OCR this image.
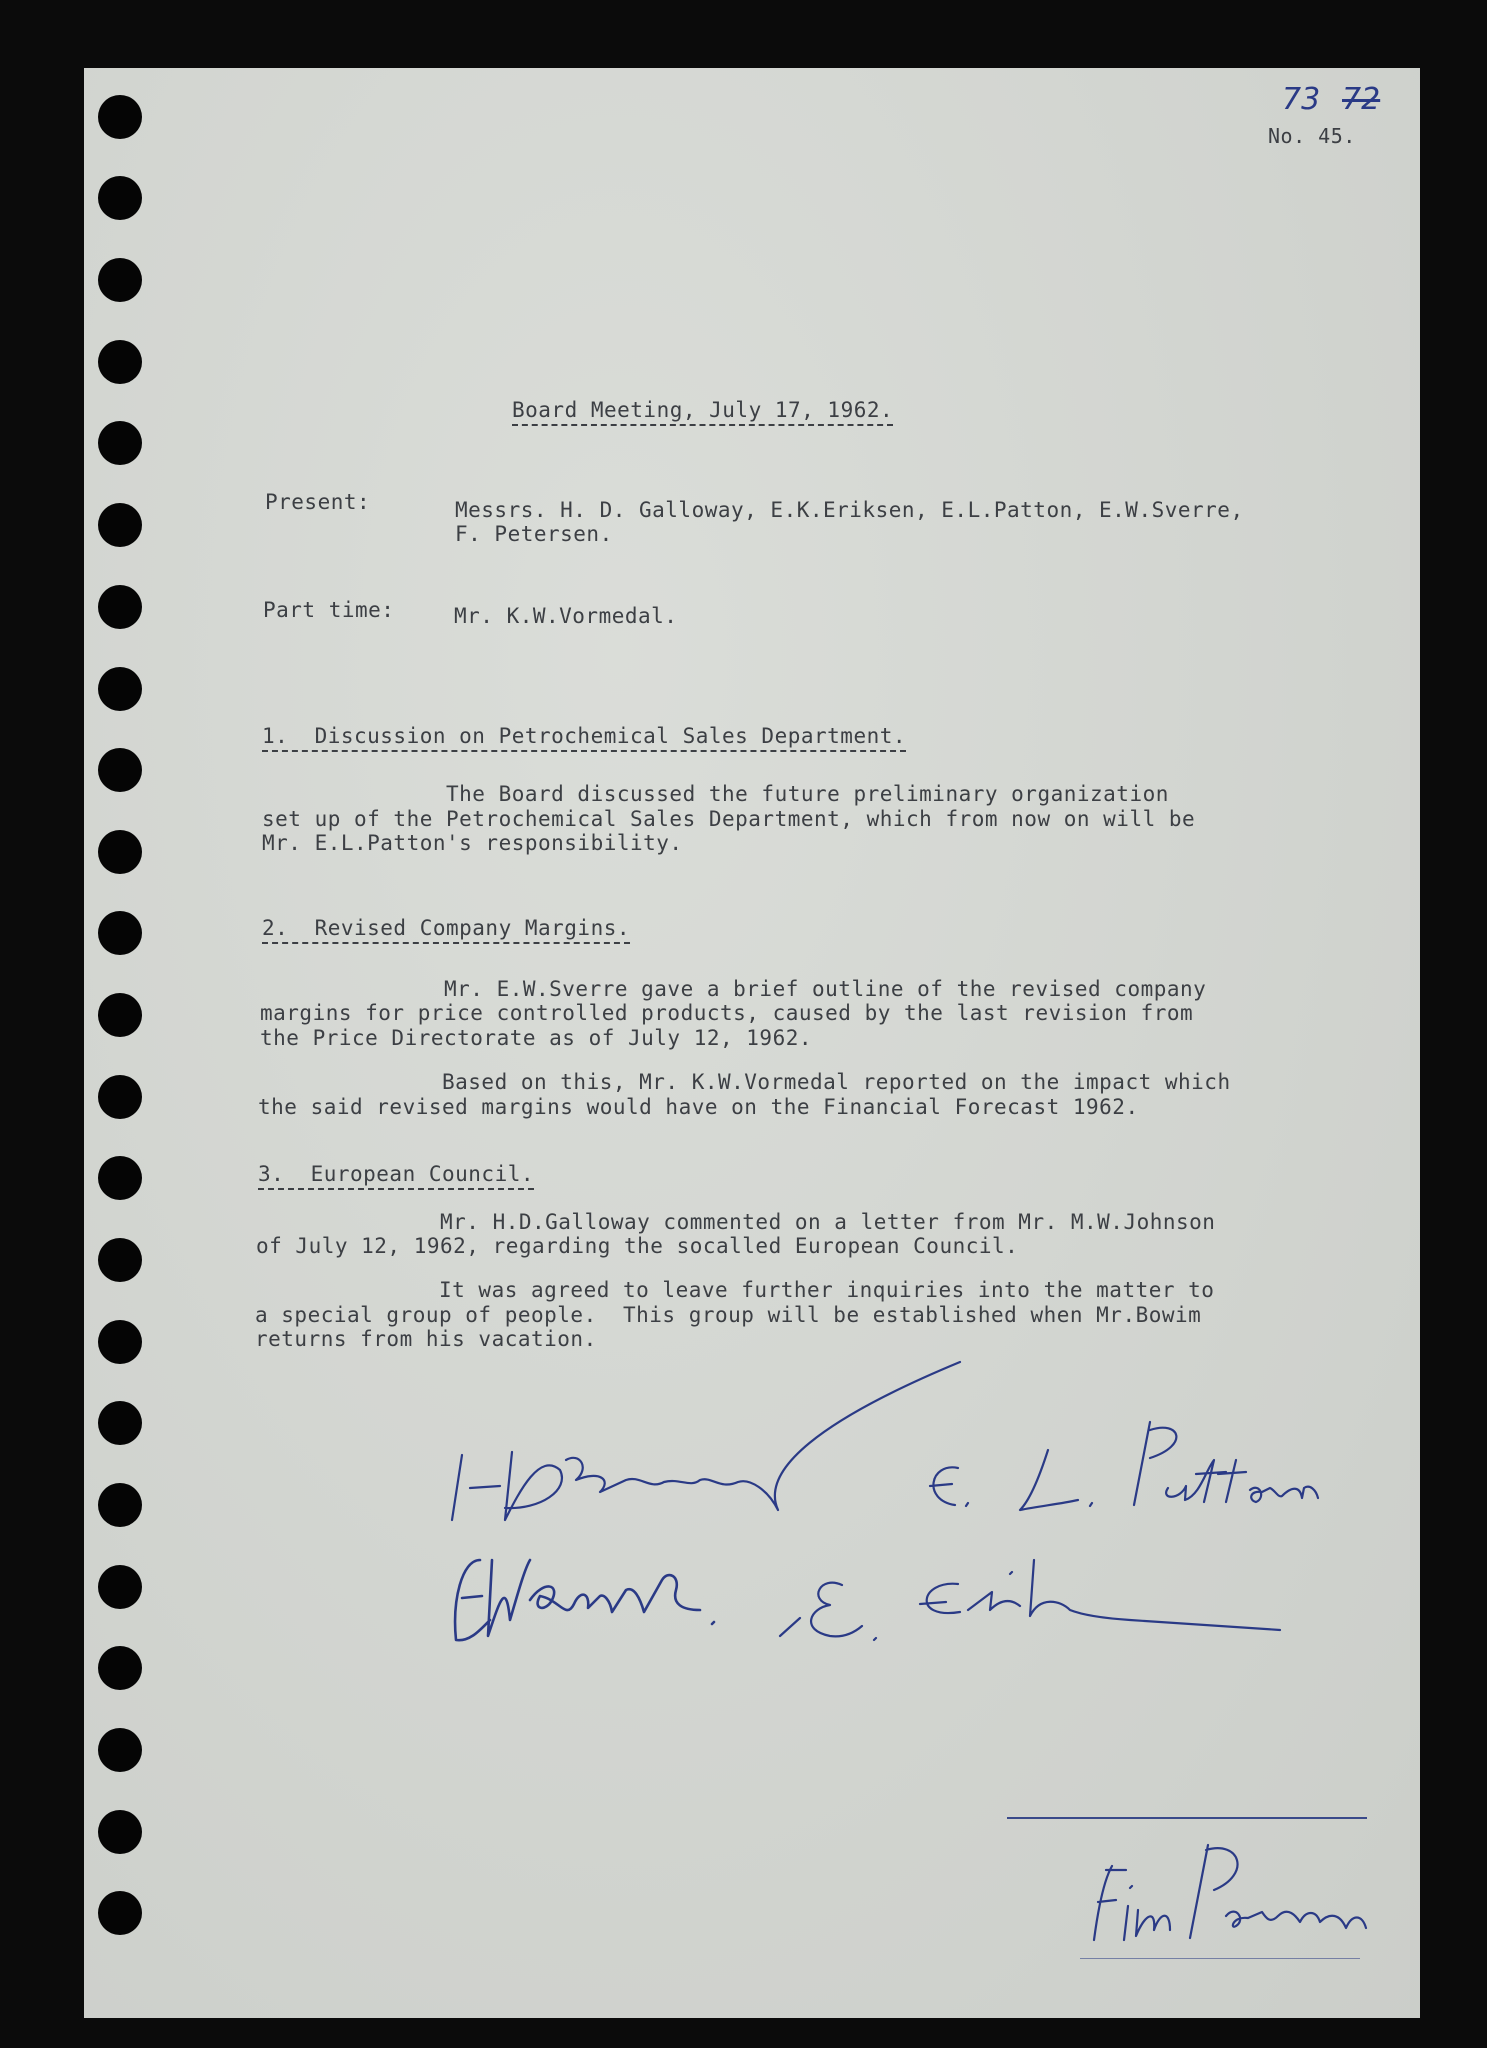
73 72
No. 45.
Board Meeting, July 17, 1962.
Present:	Messrs. H. D. Galloway, E.K.Eriksen, E.L.Patton, E.W.Sverre,
F. Petersen.
Part time:	Mr. K.W.Vormedal.
1.  Discussion on Petrochemical Sales Department.
The Board discussed the future preliminary organization
set up of the Petrochemical Sales Department, which from now on will be
Mr. E.L.Patton's responsibility.
2.  Revised Company Margins.
Mr. E.W.Sverre gave a brief outline of the revised company
margins for price controlled products, caused by the last revision from
the Price Directorate as of July 12, 1962.
Based on this, Mr. K.W.Vormedal reported on the impact which
the said revised margins would have on the Financial Forecast 1962.
3.  European Council.
Mr. H.D.Galloway commented on a letter from Mr. M.W.Johnson
of July 12, 1962, regarding the socalled European Council.
It was agreed to leave further inquiries into the matter to
a special group of people.  This group will be established when Mr.Bowim
returns from his vacation.
